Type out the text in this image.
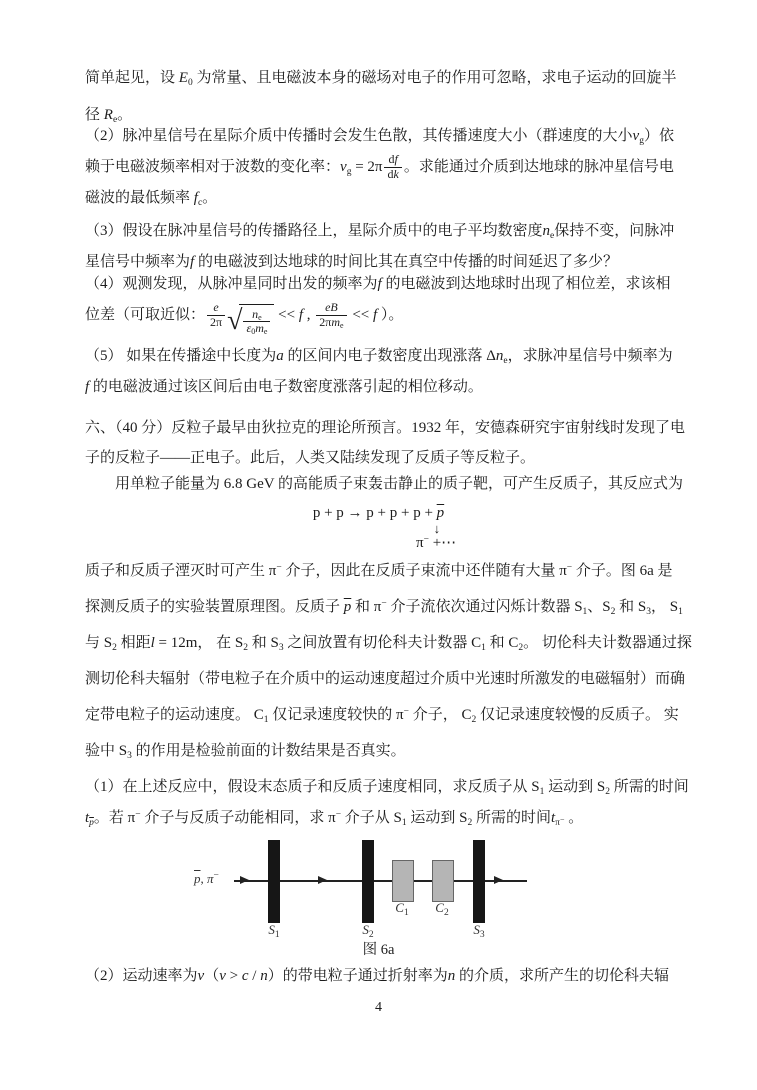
简单起见，设 $E_0$ 为常量、且电磁波本身的磁场对电子的作用可忽略，求电子运动的回旋半
径 $R_e$。
（2）脉冲星信号在星际介质中传播时会发生色散，其传播速度大小（群速度的大小$v_g$）依
赖于电磁波频率相对于波数的变化率：$v_g = 2\pi \frac{df}{dk}$ 。求能通过介质到达地球的脉冲星信号电
磁波的最低频率 $f_c$。
（3）假设在脉冲星信号的传播路径上，星际介质中的电子平均数密度$n_e$保持不变，问脉冲
星信号中频率为f 的电磁波到达地球的时间比其在真空中传播的时间延迟了多少？
（4）观测发现，从脉冲星同时出发的频率为f 的电磁波到达地球时出现了相位差，求该相
位差（可取近似： $\frac{e}{2\pi}$ √ $\frac{n_e}{\varepsilon_0m_e} << f$ , $\frac{eB}{2\pi m_e} << f$ ）。
（5） 如果在传播途中长度为a 的区间内电子数密度出现涨落 $\Delta n_e$，求脉冲星信号中频率为
f 的电磁波通过该区间后由电子数密度涨落引起的相位移动。
六、（40 分）反粒子最早由狄拉克的理论所预言。1932 年，安德森研究宇宙射线时发现了电
子的反粒子——正电子。此后，人类又陆续发现了反质子等反粒子。
用单粒子能量为 6.8 GeV 的高能质子束轰击静止的质子靶，可产生反质子，其反应式为
$p + p \to p + p + p + \overline{p}$
↓
π− +⋯
质子和反质子湮灭时可产生 π− 介子，因此在反质子束流中还伴随有大量 π− 介子。图 6a 是
探测反质子的实验装置原理图。反质子 $\overline{p}$ 和 π− 介子流依次通过闪烁计数器 $S_1$、$S_2$ 和 $S_3$， $S_1$
与 $S_2$ 相距l = 12m， 在 $S_2$ 和 $S_3$ 之间放置有切伦科夫计数器 $C_1$ 和 $C_2$。 切伦科夫计数器通过探
测切伦科夫辐射（带电粒子在介质中的运动速度超过介质中光速时所激发的电磁辐射）而确
定带电粒子的运动速度。 $C_1$ 仅记录速度较快的 π− 介子， $C_2$ 仅记录速度较慢的反质子。 实
验中 $S_3$ 的作用是检验前面的计数结果是否真实。
（1）在上述反应中，假设末态质子和反质子速度相同，求反质子从 $S_1$ 运动到 $S_2$ 所需的时间
$t_{\overline{p}}$。若 π− 介子与反质子动能相同，求 π− 介子从 $S_1$ 运动到 $S_2$ 所需的时间$t_{\pi^-}$ 。
$\overline{p}$, π−
$S_1$	$S_2$	$S_3$
$C_1$	$C_2$
图 6a
（2）运动速率为v（v > c / n）的带电粒子通过折射率为n 的介质，求所产生的切伦科夫辐
4
